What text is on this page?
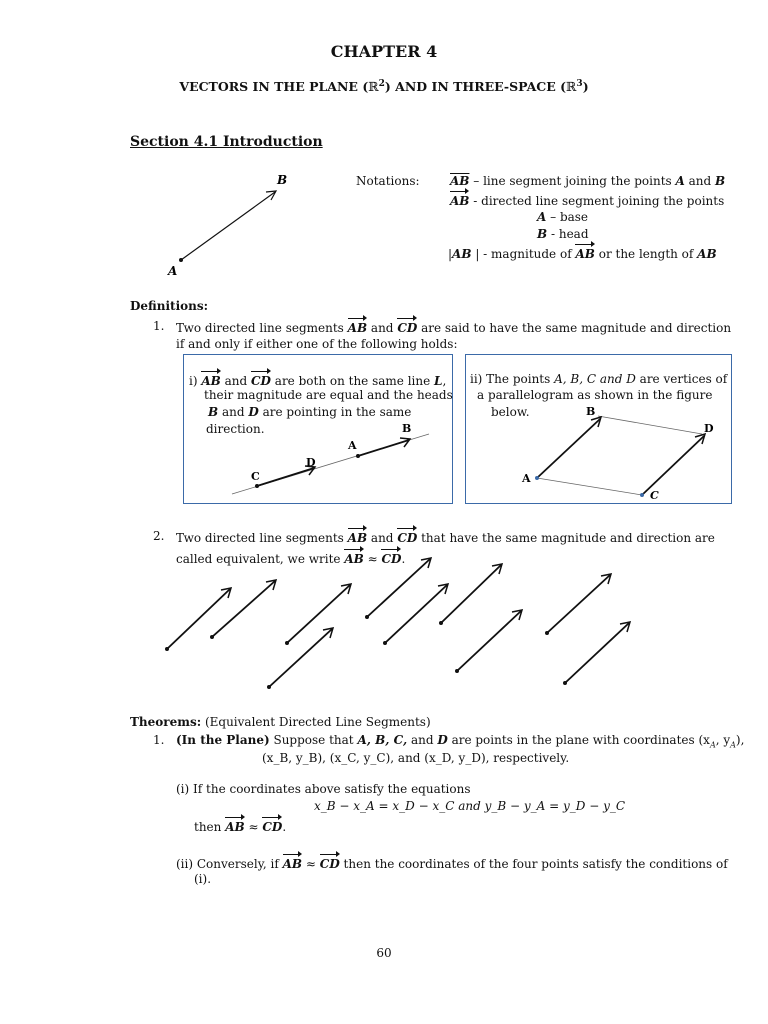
CHAPTER 4
VECTORS IN THE PLANE (ℝ$^2$) AND IN THREE-SPACE (ℝ$^3$)
Section 4.1 Introduction
A
B	Notations:	$\overline{AB}$ – line segment joining the points A and B
AB - directed line segment joining the points
A – base
B - head
|AB | - magnitude of AB or the length of AB
Definitions:
1. Two directed line segments AB and CD are said to have the same magnitude and direction
if and only if either one of the following holds:
i) AB and CD are both on the same line L,
their magnitude are equal and the heads
B and D are pointing in the same
direction.
C
D
A
B
ii) The points A, B, C and D are vertices of
a parallelogram as shown in the figure
below.
A
B
C
D
2. Two directed line segments AB and CD that have the same magnitude and direction are
called equivalent, we write AB ≈ CD.
Theorems: (Equivalent Directed Line Segments)
1. (In the Plane) Suppose that A, B, C, and D are points in the plane with coordinates ($x_A$, $y_A$),
(x_B, y_B), (x_C, y_C), and (x_D, y_D), respectively.
(i) If the coordinates above satisfy the equations
x_B − x_A = x_D − x_C and y_B − y_A = y_D − y_C
then AB ≈ CD.
(ii) Conversely, if AB ≈ CD then the coordinates of the four points satisfy the conditions of
(i).
60
